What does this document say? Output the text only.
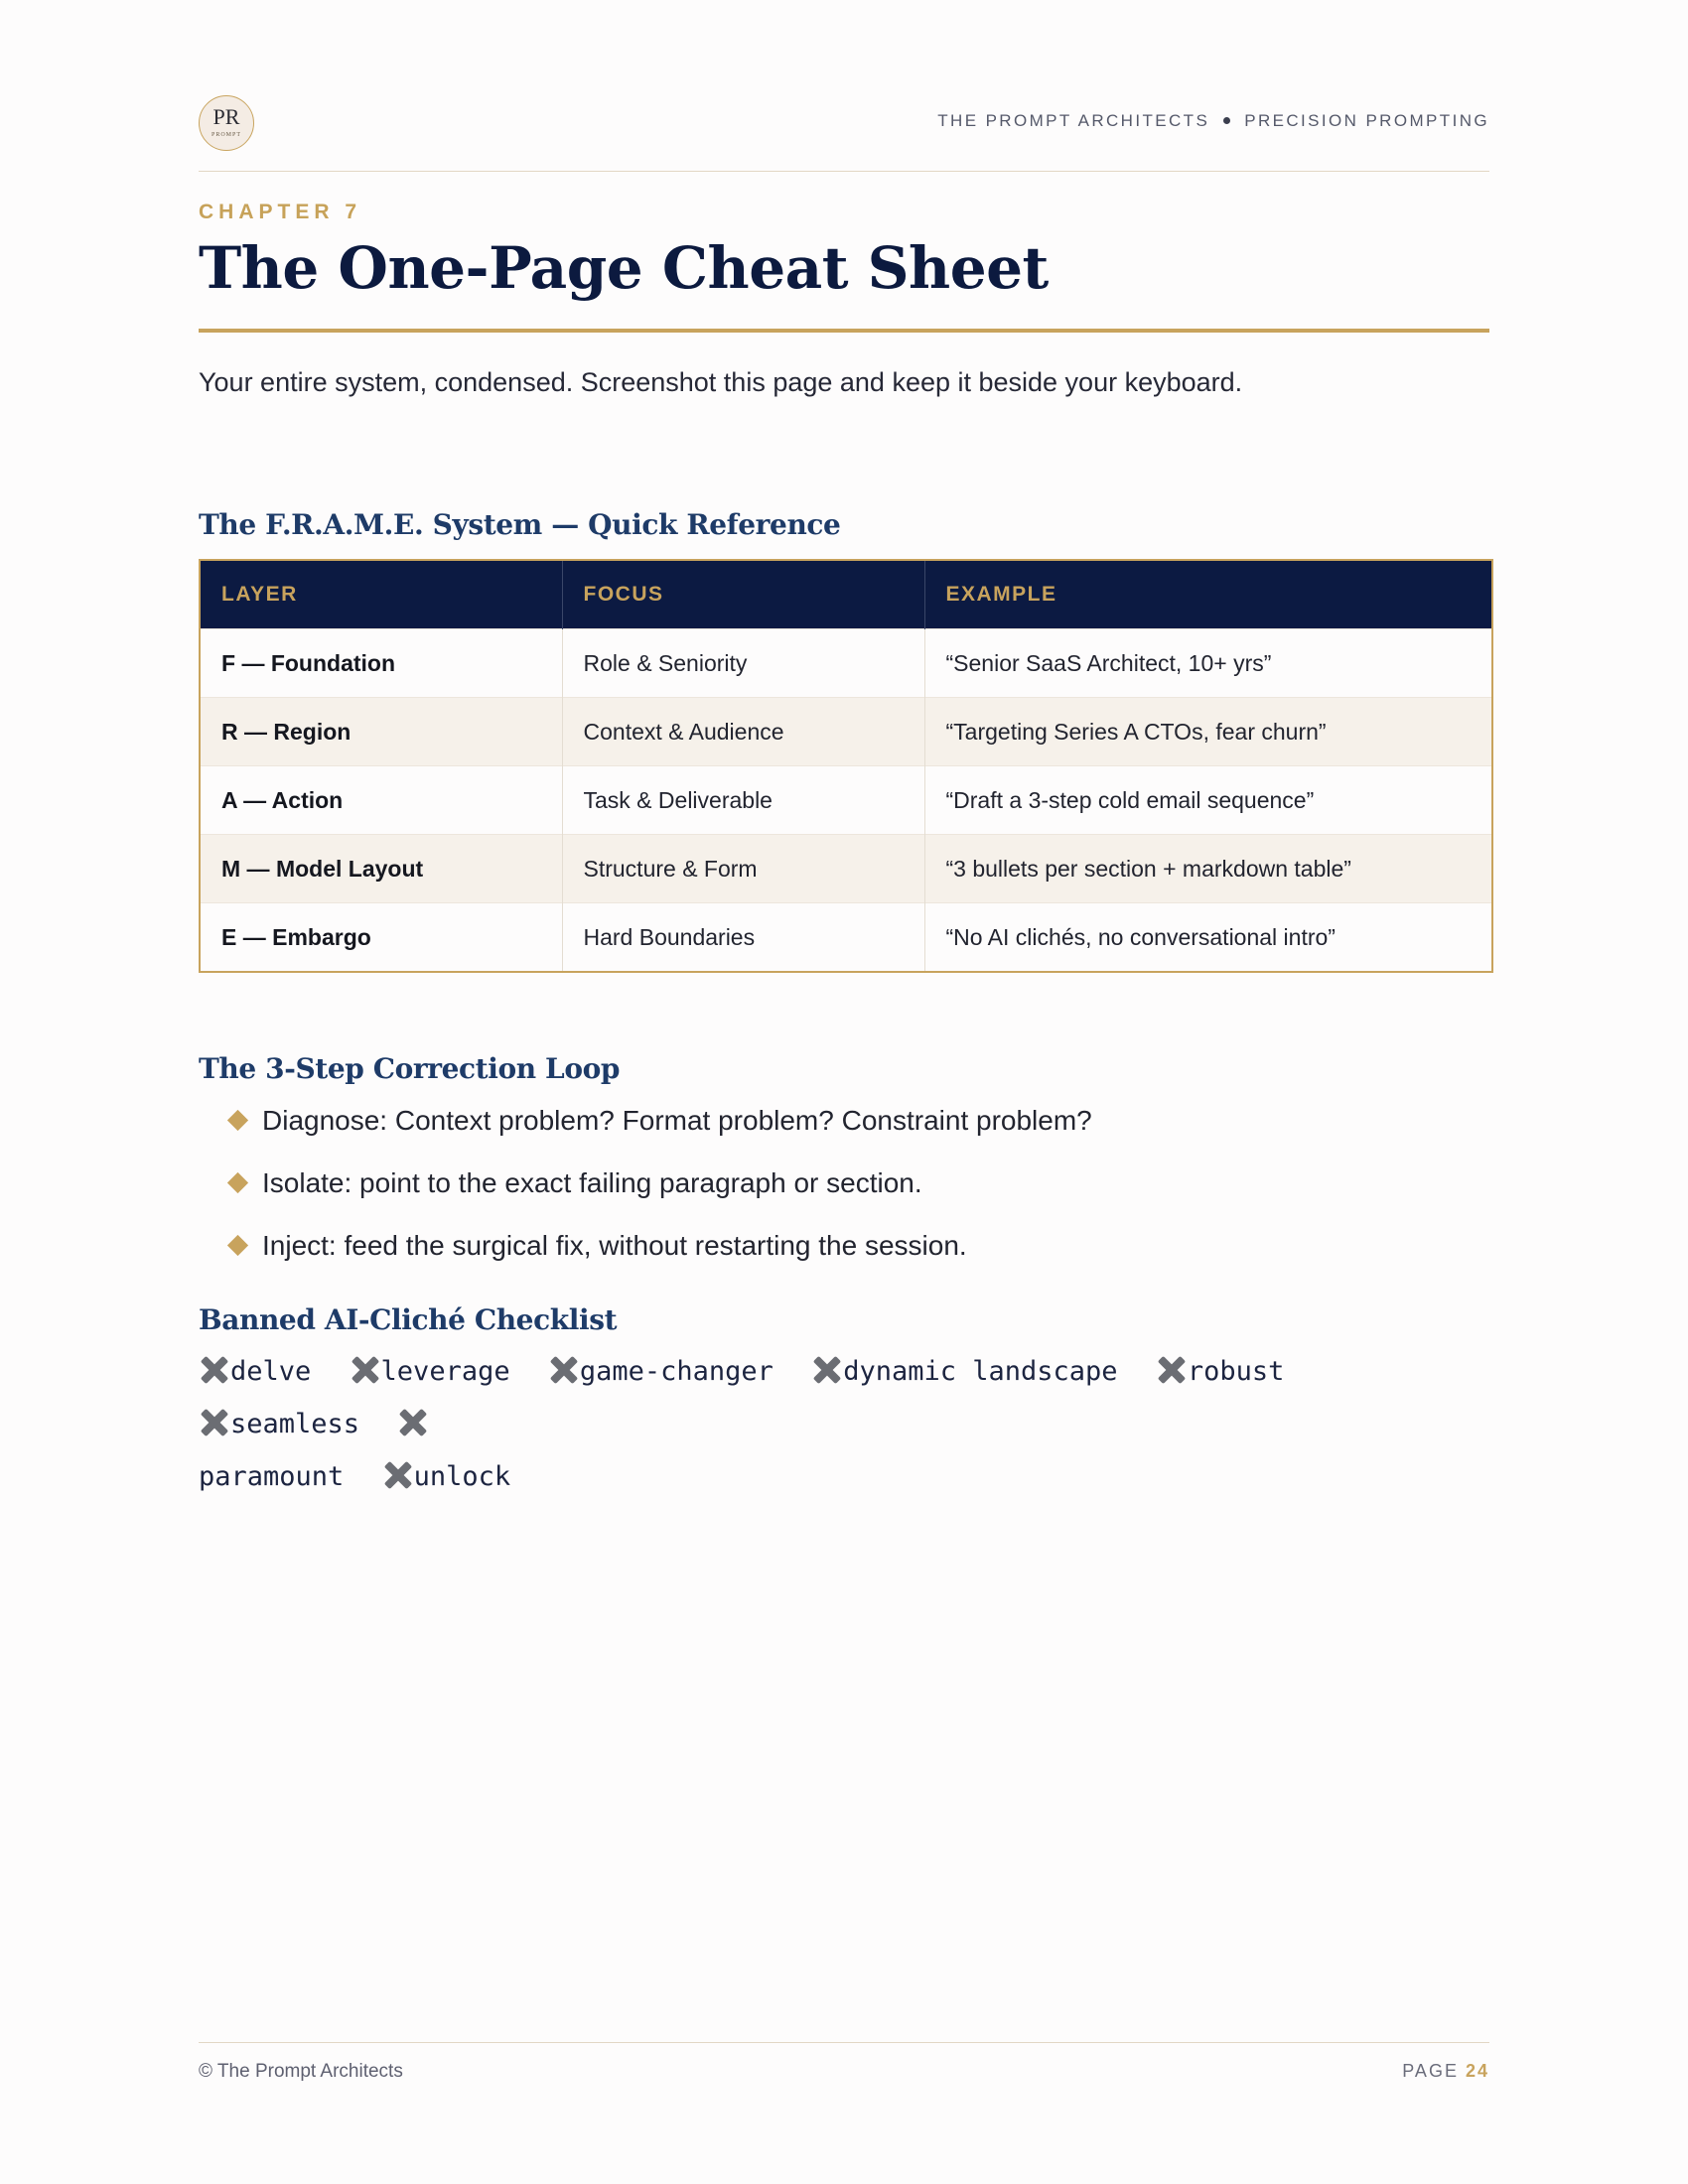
PR
PROMPT
THE PROMPT ARCHITECTS PRECISION PROMPTING
CHAPTER 7
The One-Page Cheat Sheet
Your entire system, condensed. Screenshot this page and keep it beside your keyboard.
The F.R.A.M.E. System — Quick Reference
LAYER	FOCUS	EXAMPLE
F — Foundation	Role & Seniority	“Senior SaaS Architect, 10+ yrs”
R — Region	Context & Audience	“Targeting Series A CTOs, fear churn”
A — Action	Task & Deliverable	“Draft a 3-step cold email sequence”
M — Model Layout	Structure & Form	“3 bullets per section + markdown table”
E — Embargo	Hard Boundaries	“No AI clichés, no conversational intro”
The 3-Step Correction Loop
Diagnose: Context problem? Format problem? Constraint problem?
Isolate: point to the exact failing paragraph or section.
Inject: feed the surgical fix, without restarting the session.
Banned AI-Cliché Checklist
delve	leverage	game-changer	dynamic landscape	robust seamless
paramount	unlock
© The Prompt Architects	PAGE 24
